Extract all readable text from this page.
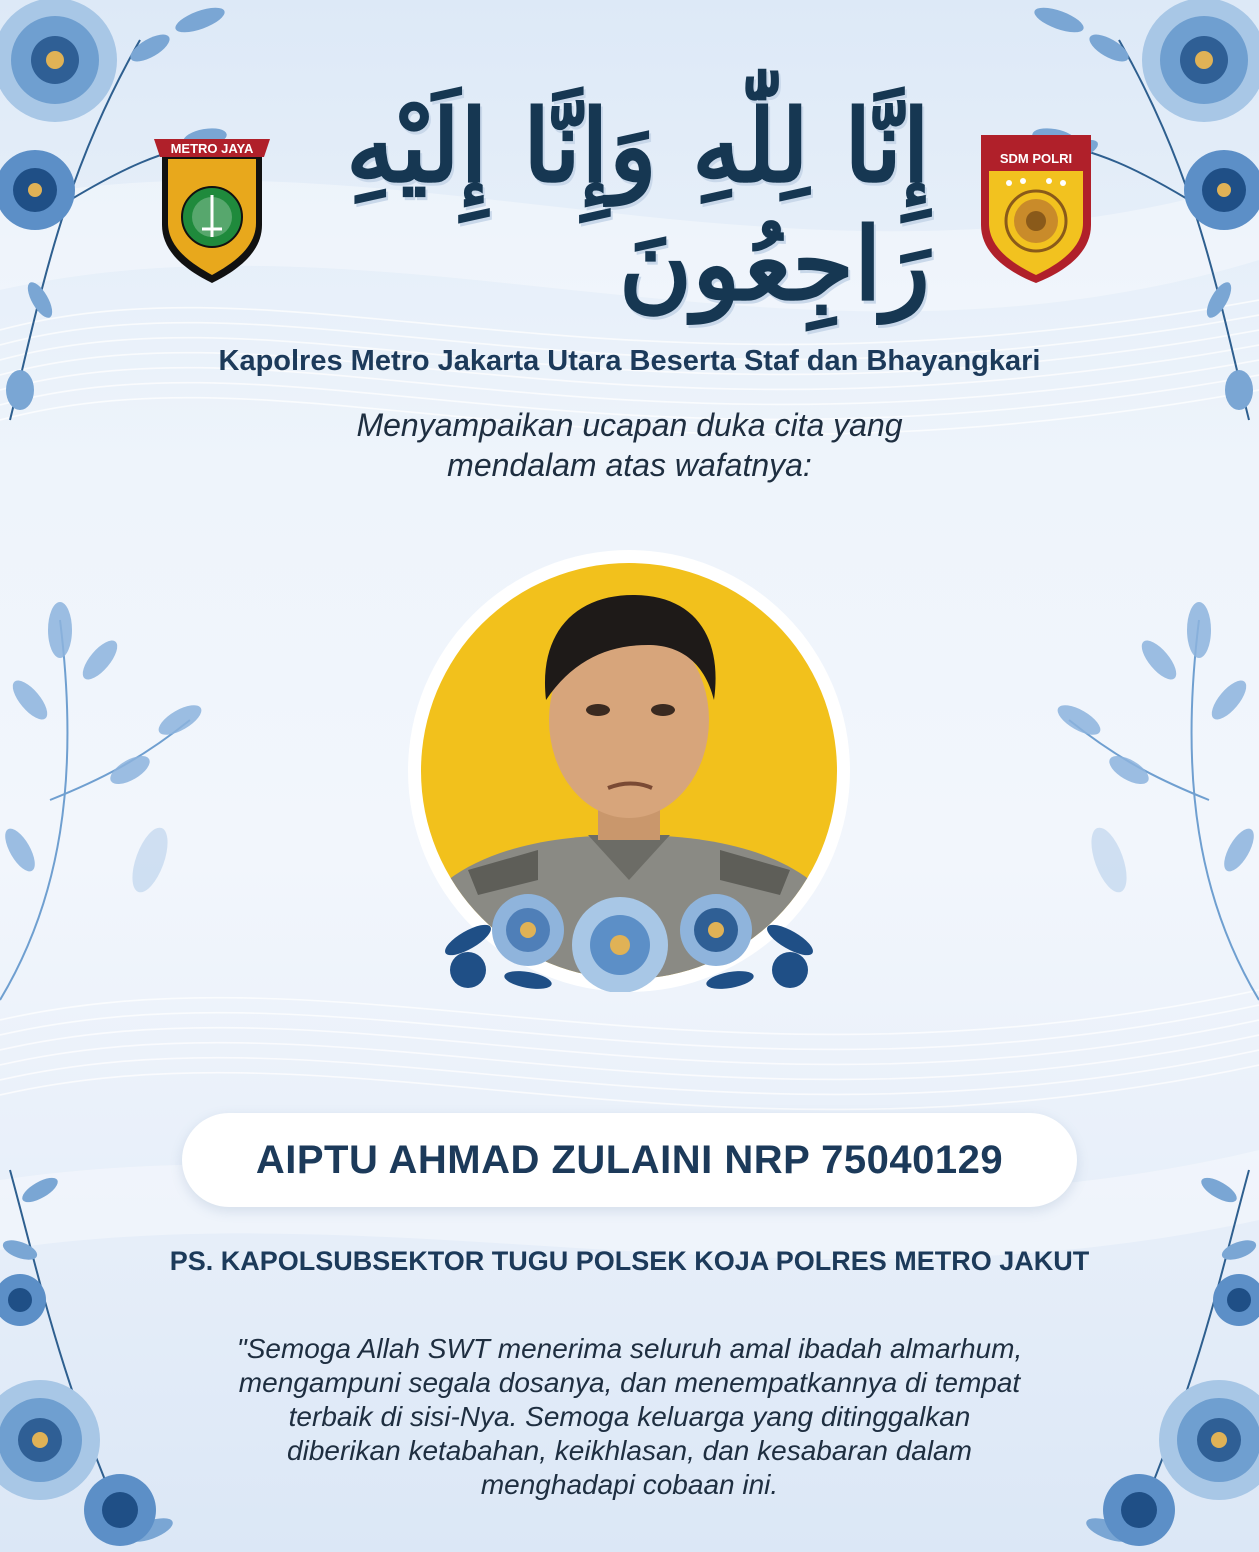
METRO JAYA إِنَّا لِلّٰهِ وَإِنَّا إِلَيْهِ رَاجِعُونَ
SDM POLRI
Kapolres Metro Jakarta Utara Beserta Staf dan Bhayangkari
Menyampaikan ucapan duka cita yang
mendalam atas wafatnya:
AIPTU AHMAD ZULAINI NRP 75040129
PS. KAPOLSUBSEKTOR TUGU POLSEK KOJA POLRES METRO JAKUT
"Semoga Allah SWT menerima seluruh amal ibadah almarhum,
mengampuni segala dosanya, dan menempatkannya di tempat
terbaik di sisi-Nya. Semoga keluarga yang ditinggalkan
diberikan ketabahan, keikhlasan, dan kesabaran dalam
menghadapi cobaan ini.
